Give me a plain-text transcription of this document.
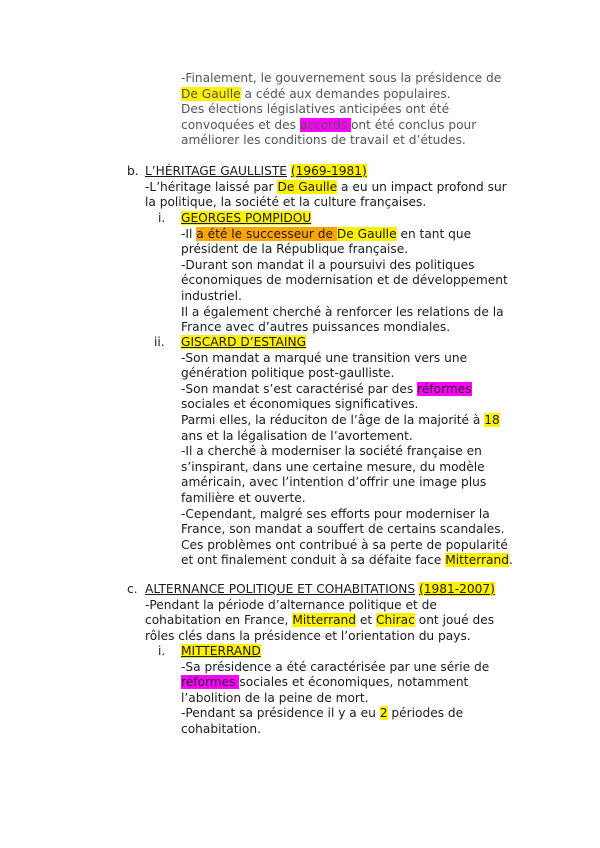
-Finalement, le gouvernement sous la présidence de
De Gaulle a cédé aux demandes populaires.
Des élections législatives anticipées ont été
convoquées et des accords ont été conclus pour
améliorer les conditions de travail et d’études.
b. L’HÉRITAGE GAULLISTE (1969-1981)
-L’héritage laissé par De Gaulle a eu un impact profond sur
la politique, la société et la culture françaises.
i. GEORGES POMPIDOU
-Il a été le successeur de De Gaulle en tant que
président de la République française.
-Durant son mandat il a poursuivi des politiques
économiques de modernisation et de développement
industriel.
Il a également cherché à renforcer les relations de la
France avec d’autres puissances mondiales.
ii. GISCARD D’ESTAING
-Son mandat a marqué une transition vers une
génération politique post-gaulliste.
-Son mandat s’est caractérisé par des réformes
sociales et économiques significatives.
Parmi elles, la réduciton de l’âge de la majorité à 18
ans et la légalisation de l’avortement.
-Il a cherché à moderniser la société française en
s’inspirant, dans une certaine mesure, du modèle
américain, avec l’intention d’offrir une image plus
familière et ouverte.
-Cependant, malgré ses efforts pour moderniser la
France, son mandat a souffert de certains scandales.
Ces problèmes ont contribué à sa perte de popularité
et ont finalement conduit à sa défaite face Mitterrand.
c. ALTERNANCE POLITIQUE ET COHABITATIONS (1981-2007)
-Pendant la période d’alternance politique et de
cohabitation en France, Mitterrand et Chirac ont joué des
rôles clés dans la présidence et l’orientation du pays.
i. MITTERRAND
-Sa présidence a été caractérisée par une série de
réformes sociales et économiques, notamment
l’abolition de la peine de mort.
-Pendant sa présidence il y a eu 2 périodes de
cohabitation.
